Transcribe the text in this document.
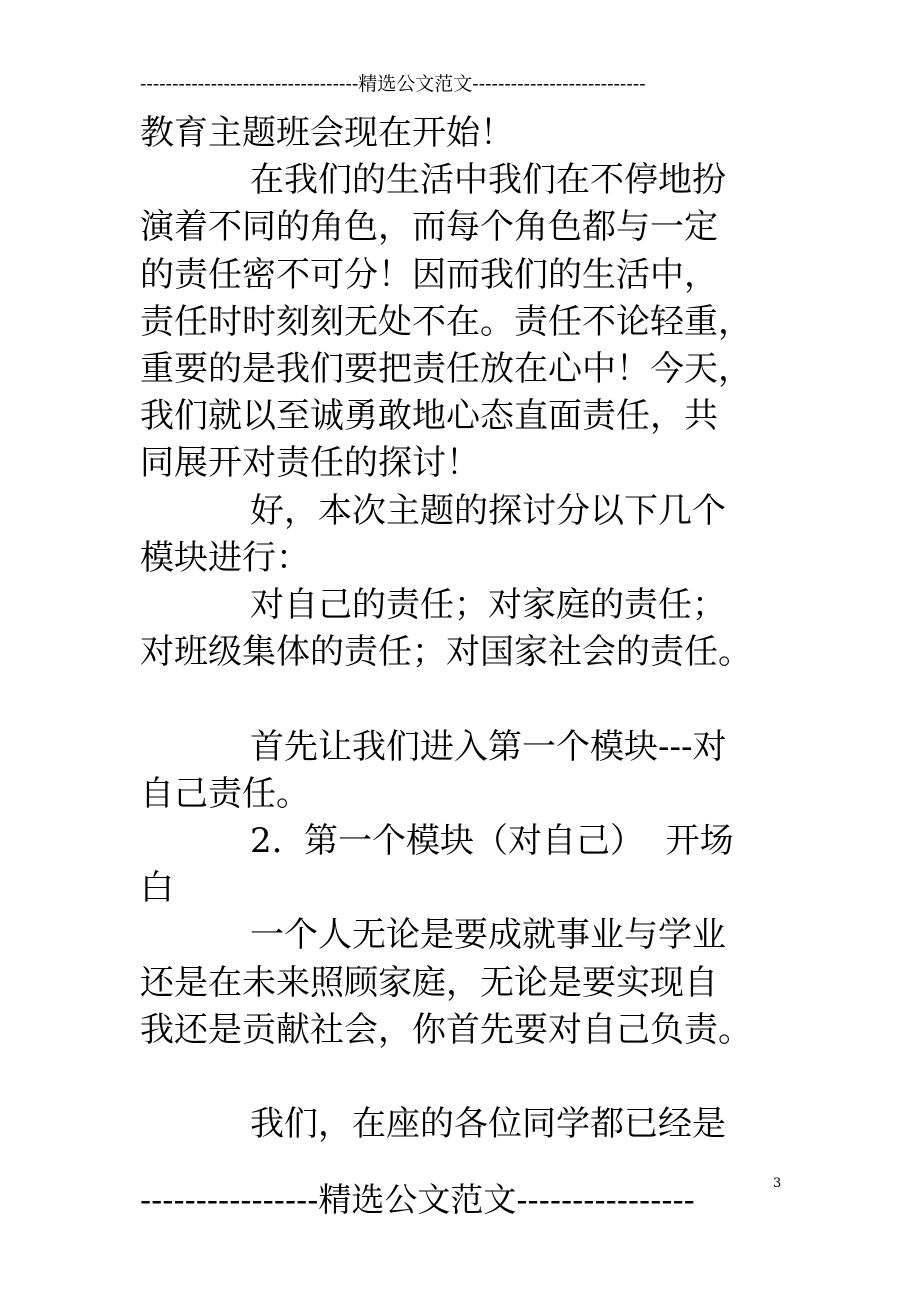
----------------------------------精选公文范文---------------------------

教育主题班会现在开始！

在我们的生活中我们在不停地扮

演着不同的角色，而每个角色都与一定

的责任密不可分！因而我们的生活中，

责任时时刻刻无处不在。责任不论轻重，

重要的是我们要把责任放在心中！今天，

我们就以至诚勇敢地心态直面责任，共

同展开对责任的探讨！

好，本次主题的探讨分以下几个

模块进行：

对自己的责任；对家庭的责任；

对班级集体的责任；对国家社会的责任。

首先让我们进入第一个模块---对

自己责任。

2.  第一个模块（对自己）  开场

白

一个人无论是要成就事业与学业

还是在未来照顾家庭，无论是要实现自

我还是贡献社会，你首先要对自己负责。

我们，在座的各位同学都已经是

3
----------------精选公文范文----------------
